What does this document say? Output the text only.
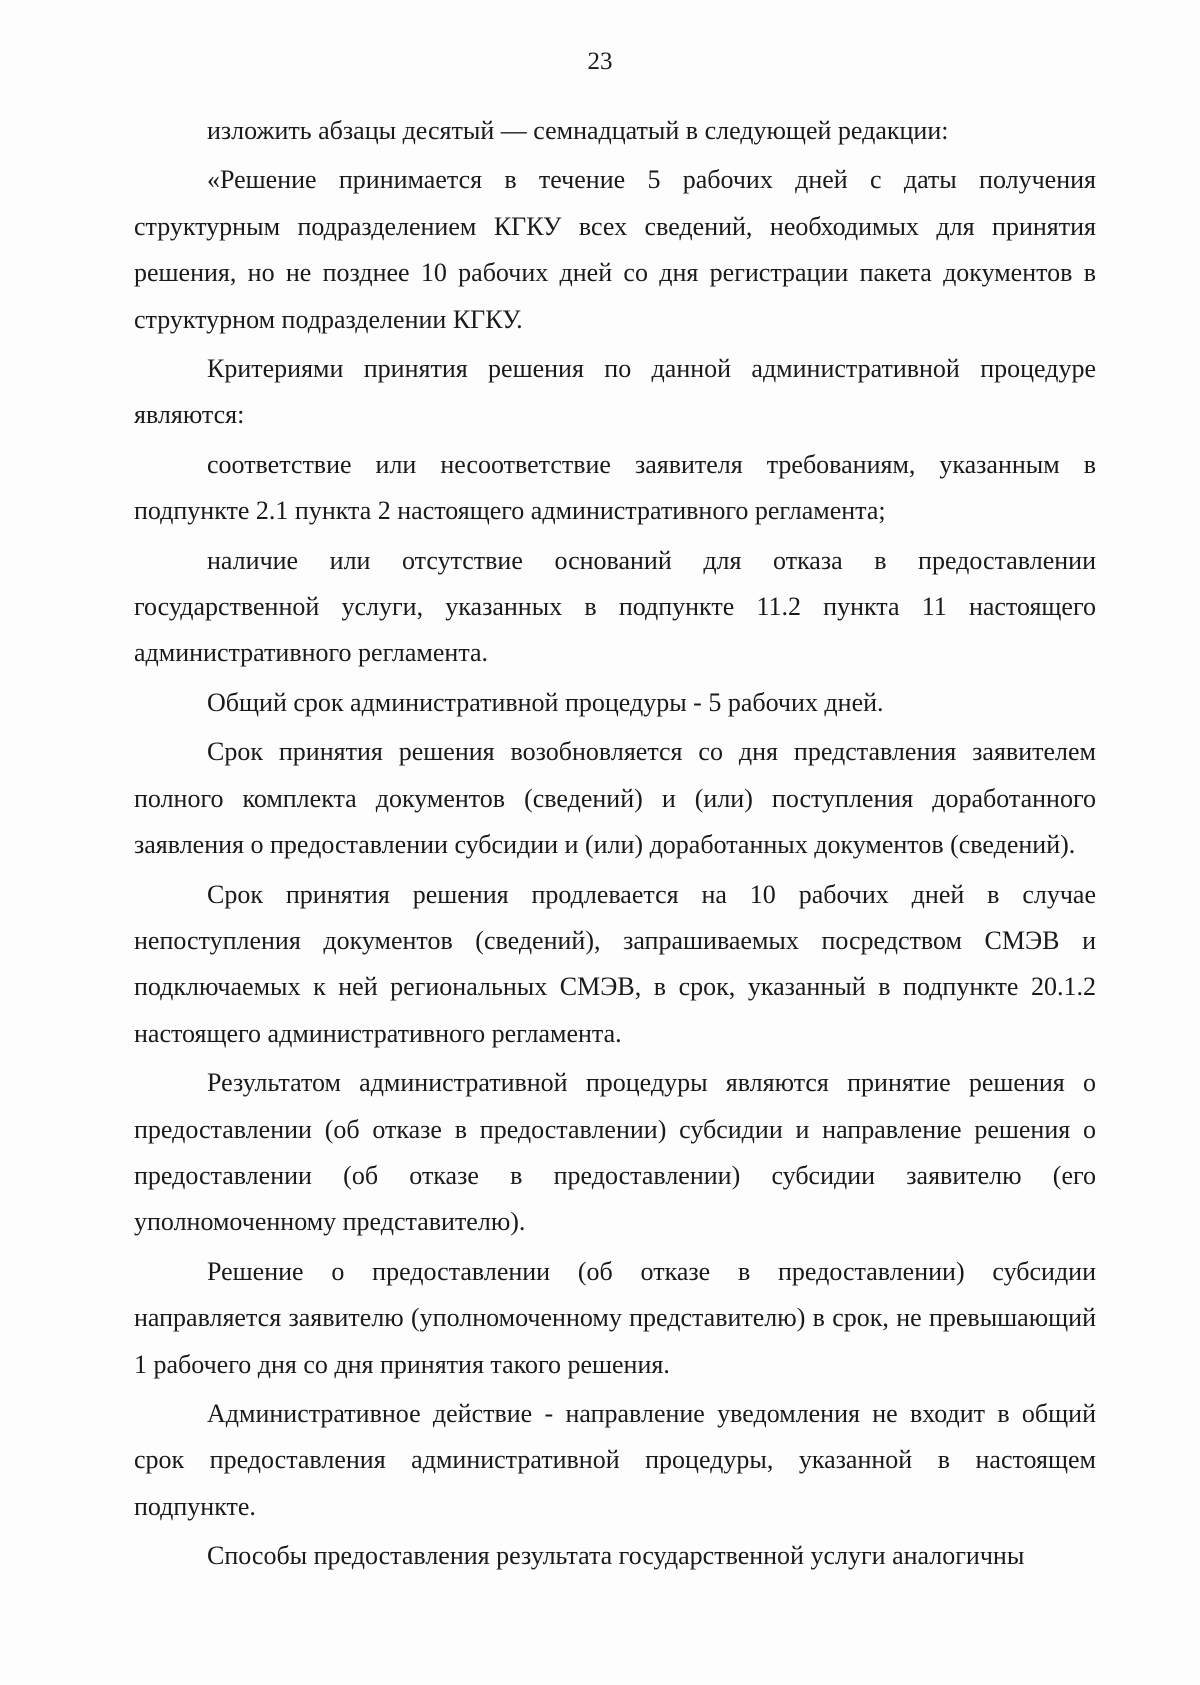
23

изложить абзацы десятый — семнадцатый в следующей редакции:

«Решение принимается в течение 5 рабочих дней с даты получения структурным подразделением КГКУ всех сведений, необходимых для принятия решения, но не позднее 10 рабочих дней со дня регистрации пакета документов в структурном подразделении КГКУ.

Критериями принятия решения по данной административной процедуре являются:

соответствие или несоответствие заявителя требованиям, указанным в подпункте 2.1 пункта 2 настоящего административного регламента;

наличие или отсутствие оснований для отказа в предоставлении государственной услуги, указанных в подпункте 11.2 пункта 11 настоящего административного регламента.

Общий срок административной процедуры - 5 рабочих дней.

Срок принятия решения возобновляется со дня представления заявителем полного комплекта документов (сведений) и (или) поступления доработанного заявления о предоставлении субсидии и (или) доработанных документов (сведений).

Срок принятия решения продлевается на 10 рабочих дней в случае непоступления документов (сведений), запрашиваемых посредством СМЭВ и подключаемых к ней региональных СМЭВ, в срок, указанный в подпункте 20.1.2 настоящего административного регламента.

Результатом административной процедуры являются принятие решения о предоставлении (об отказе в предоставлении) субсидии и направление решения о предоставлении (об отказе в предоставлении) субсидии заявителю (его уполномоченному представителю).

Решение о предоставлении (об отказе в предоставлении) субсидии направляется заявителю (уполномоченному представителю) в срок, не превышающий 1 рабочего дня со дня принятия такого решения.

Административное действие - направление уведомления не входит в общий срок предоставления административной процедуры, указанной в настоящем подпункте.

Способы предоставления результата государственной услуги аналогичны
